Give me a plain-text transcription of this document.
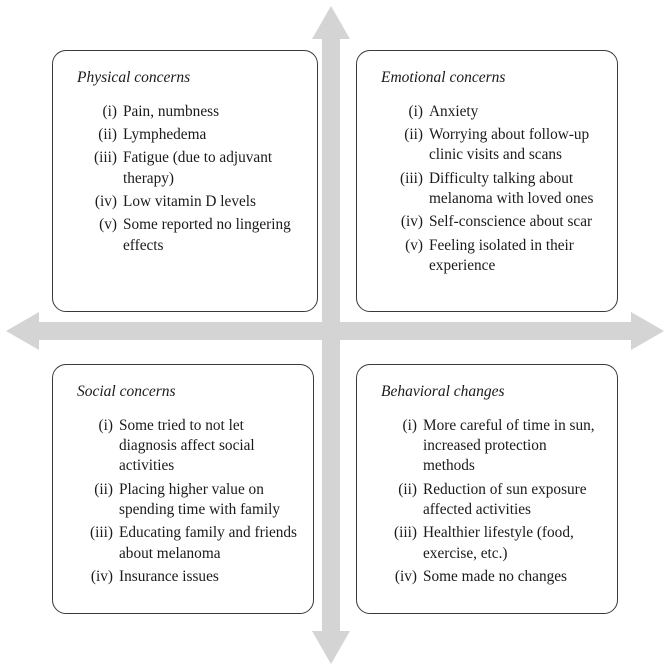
Physical concerns
(i) Pain, numbness
(ii) Lymphedema
(iii) Fatigue (due to adjuvant therapy)
(iv) Low vitamin D levels
(v) Some reported no lingering effects
Emotional concerns
(i) Anxiety
(ii) Worrying about follow-up clinic visits and scans
(iii) Difficulty talking about melanoma with loved ones
(iv) Self-conscience about scar
(v) Feeling isolated in their experience
Social concerns
(i) Some tried to not let diagnosis affect social activities
(ii) Placing higher value on spending time with family
(iii) Educating family and friends about melanoma
(iv) Insurance issues
Behavioral changes
(i) More careful of time in sun, increased protection methods
(ii) Reduction of sun exposure affected activities
(iii) Healthier lifestyle (food, exercise, etc.)
(iv) Some made no changes
